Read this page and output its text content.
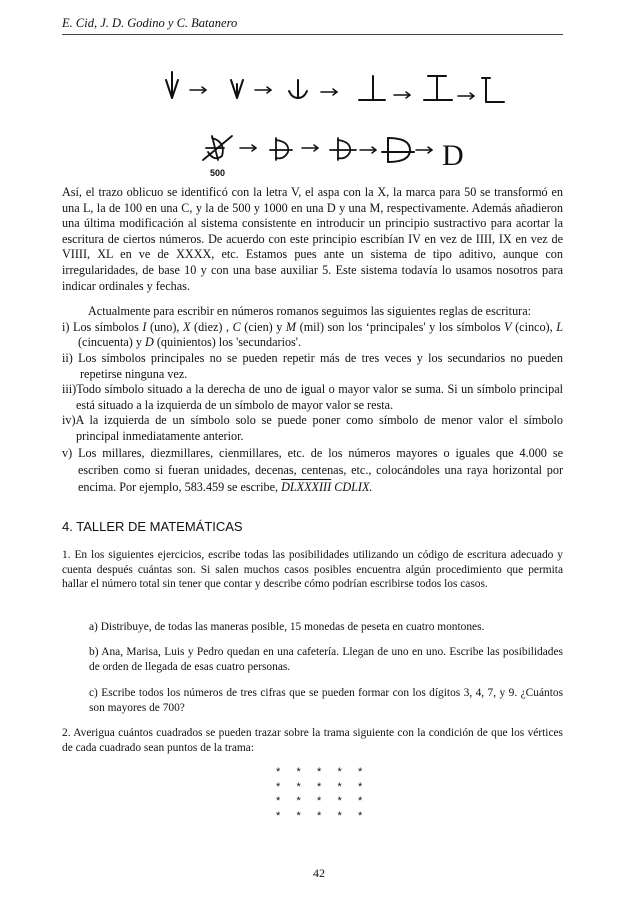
E. Cid, J. D. Godino y C. Batanero
D
500

Así, el trazo oblicuo se identificó con la letra V, el aspa con la X, la marca para 50 se transformó en una L, la de 100 en una C, y la de 500 y 1000 en una D y una M, respectivamente. Además añadieron una última modificación al sistema consistente en introducir un principio sustractivo para acortar la escritura de ciertos números. De acuerdo con este principio escribían IV en vez de IIII, IX en vez de VIIII, XL en ve de XXXX, etc. Estamos pues ante un sistema de tipo aditivo, aunque con irregularidades, de base 10 y con una base auxiliar 5. Este sistema todavía lo usamos nosotros para indicar ordinales y fechas.

Actualmente para escribir en números romanos seguimos las siguientes reglas de escritura:

i) Los símbolos I (uno), X (diez) , C (cien) y M (mil) son los ‘principales' y los símbolos V (cinco), L (cincuenta) y D (quinientos) los 'secundarios'.

ii) Los símbolos principales no se pueden repetir más de tres veces y los secundarios no pueden repetirse ninguna vez.

iii)Todo símbolo situado a la derecha de uno de igual o mayor valor se suma. Si un símbolo principal está situado a la izquierda de un símbolo de mayor valor se resta.

iv)A la izquierda de un símbolo solo se puede poner como símbolo de menor valor el símbolo principal inmediatamente anterior.

v) Los millares, diezmillares, cienmillares, etc. de los números mayores o iguales que 4.000 se escriben como si fueran unidades, decenas, centenas, etc., colocándoles una raya horizontal por encima. Por ejemplo, 583.459 se escribe, DLXXXIII CDLIX.

4. TALLER DE MATEMÁTICAS
1. En los siguientes ejercicios, escribe todas las posibilidades utilizando un código de escritura adecuado y cuenta después cuántas son. Si salen muchos casos posibles encuentra algún procedimiento que permita hallar el número total sin tener que contar y describe cómo podrían escribirse todos los casos.
a) Distribuye, de todas las maneras posible, 15 monedas de peseta en cuatro montones.
b) Ana, Marisa, Luis y Pedro quedan en una cafetería. Llegan de uno en uno. Escribe las posibilidades de orden de llegada de esas cuatro personas.
c) Escribe todos los números de tres cifras que se pueden formar con los dígitos 3, 4, 7, y 9. ¿Cuántos son mayores de 700?
2. Averigua cuántos cuadrados se pueden trazar sobre la trama siguiente con la condición de que los vértices de cada cuadrado sean puntos de la trama:
* * * * *
* * * * *
* * * * *
* * * * *
42
